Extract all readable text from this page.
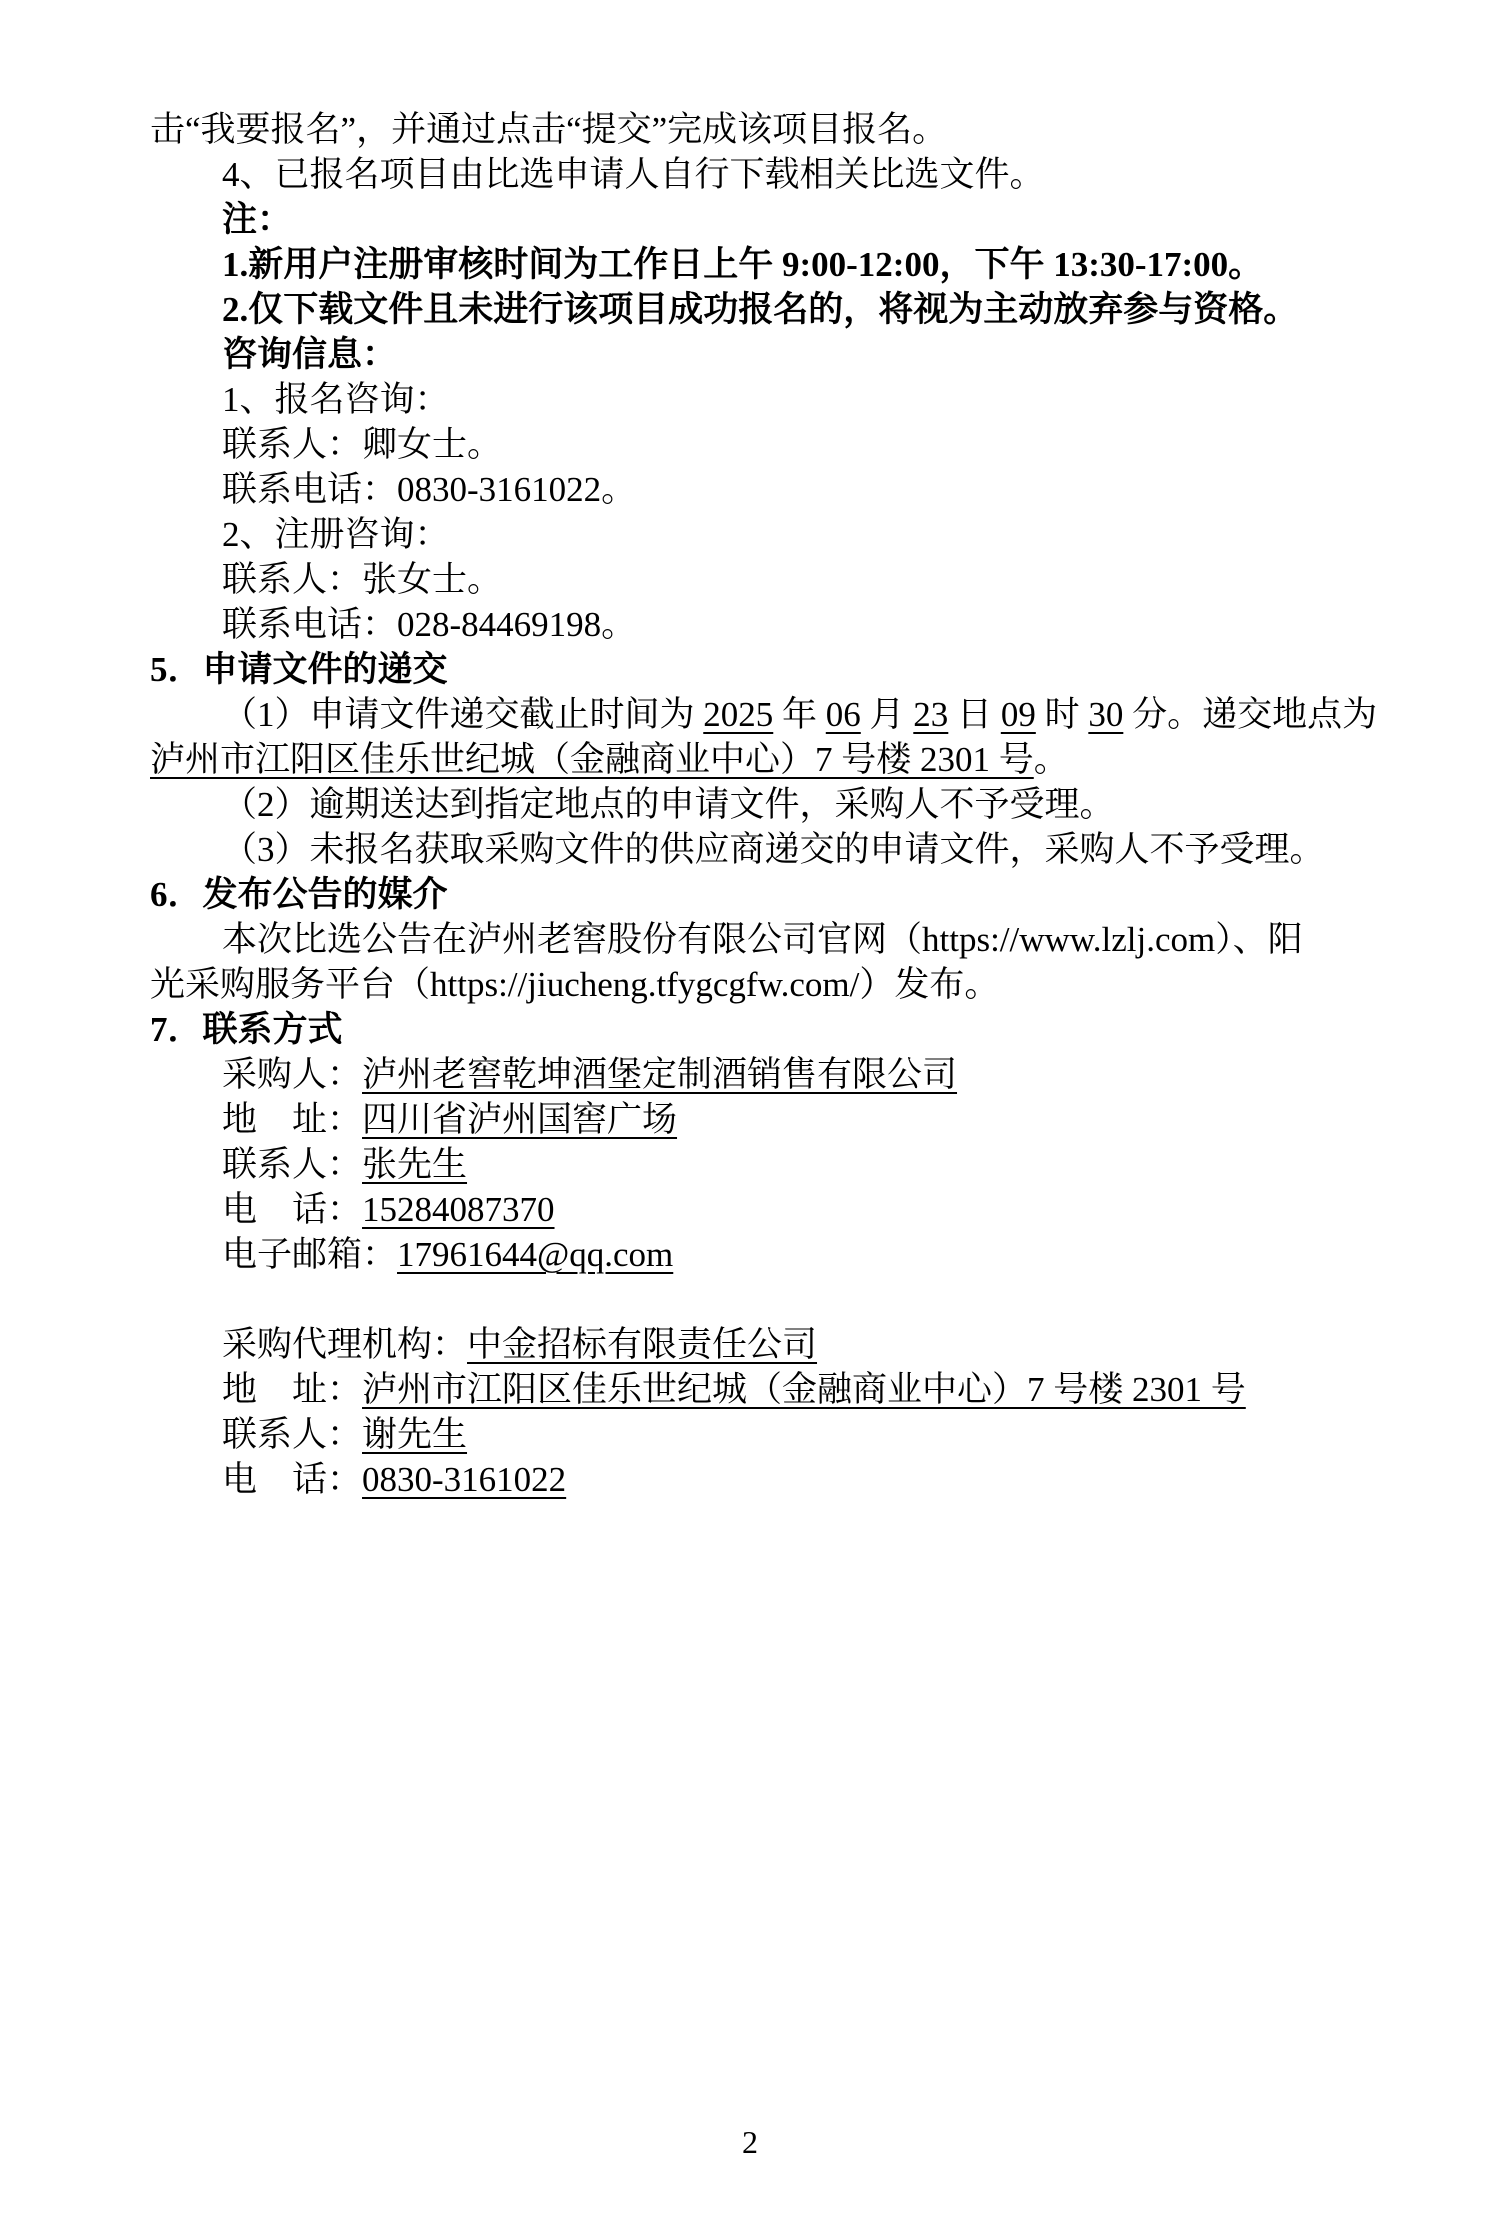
击“我要报名”，并通过点击“提交”完成该项目报名。
4、已报名项目由比选申请人自行下载相关比选文件。
注：
1.新用户注册审核时间为工作日上午 9:00-12:00，下午 13:30-17:00。
2.仅下载文件且未进行该项目成功报名的，将视为主动放弃参与资格。
咨询信息：
1、报名咨询：
联系人：卿女士。
联系电话：0830-3161022。
2、注册咨询：
联系人：张女士。
联系电话：028-84469198。
5．申请文件的递交
（1）申请文件递交截止时间为 2025 年 06 月 23 日 09 时 30 分。递交地点为
泸州市江阳区佳乐世纪城（金融商业中心）7 号楼 2301 号。
（2）逾期送达到指定地点的申请文件，采购人不予受理。
（3）未报名获取采购文件的供应商递交的申请文件，采购人不予受理。
6．发布公告的媒介
本次比选公告在泸州老窖股份有限公司官网（https://www.lzlj.com）、阳
光采购服务平台（https://jiucheng.tfygcgfw.com/）发布。
7．联系方式
采购人：泸州老窖乾坤酒堡定制酒销售有限公司
地　址：四川省泸州国窖广场
联系人：张先生
电　话：15284087370
电子邮箱：17961644@qq.com
采购代理机构：中金招标有限责任公司
地　址：泸州市江阳区佳乐世纪城（金融商业中心）7 号楼 2301 号
联系人：谢先生
电　话：0830-3161022
2
